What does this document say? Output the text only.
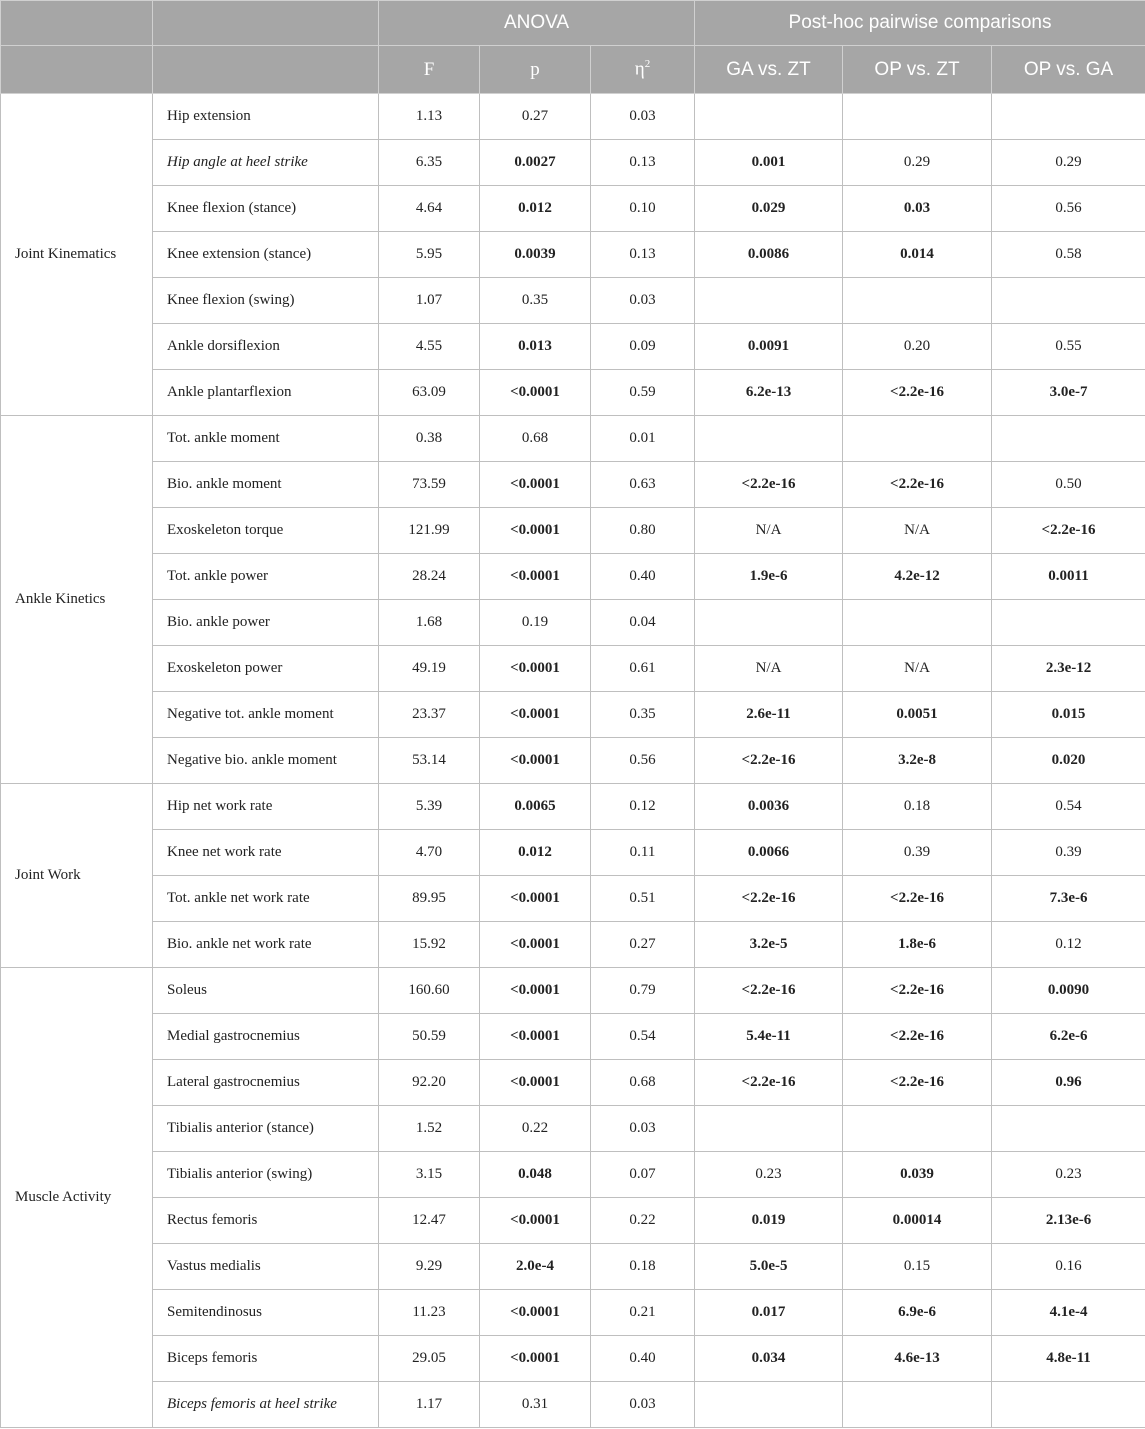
		ANOVA			Post-hoc pairwise comparisons		
		F	p	$\eta^2$	GA vs. ZT	OP vs. ZT	OP vs. GA
Joint Kinematics	Hip extension	1.13	0.27	0.03			
	Hip angle at heel strike	6.35	0.0027	0.13	0.001	0.29	0.29
	Knee flexion (stance)	4.64	0.012	0.10	0.029	0.03	0.56
	Knee extension (stance)	5.95	0.0039	0.13	0.0086	0.014	0.58
	Knee flexion (swing)	1.07	0.35	0.03			
	Ankle dorsiflexion	4.55	0.013	0.09	0.0091	0.20	0.55
	Ankle plantarflexion	63.09	<0.0001	0.59	6.2e-13	<2.2e-16	3.0e-7
Ankle Kinetics	Tot. ankle moment	0.38	0.68	0.01			
	Bio. ankle moment	73.59	<0.0001	0.63	<2.2e-16	<2.2e-16	0.50
	Exoskeleton torque	121.99	<0.0001	0.80	N/A	N/A	<2.2e-16
	Tot. ankle power	28.24	<0.0001	0.40	1.9e-6	4.2e-12	0.0011
	Bio. ankle power	1.68	0.19	0.04			
	Exoskeleton power	49.19	<0.0001	0.61	N/A	N/A	2.3e-12
	Negative tot. ankle moment	23.37	<0.0001	0.35	2.6e-11	0.0051	0.015
	Negative bio. ankle moment	53.14	<0.0001	0.56	<2.2e-16	3.2e-8	0.020
Joint Work	Hip net work rate	5.39	0.0065	0.12	0.0036	0.18	0.54
	Knee net work rate	4.70	0.012	0.11	0.0066	0.39	0.39
	Tot. ankle net work rate	89.95	<0.0001	0.51	<2.2e-16	<2.2e-16	7.3e-6
	Bio. ankle net work rate	15.92	<0.0001	0.27	3.2e-5	1.8e-6	0.12
Muscle Activity	Soleus	160.60	<0.0001	0.79	<2.2e-16	<2.2e-16	0.0090
	Medial gastrocnemius	50.59	<0.0001	0.54	5.4e-11	<2.2e-16	6.2e-6
	Lateral gastrocnemius	92.20	<0.0001	0.68	<2.2e-16	<2.2e-16	0.96
	Tibialis anterior (stance)	1.52	0.22	0.03			
	Tibialis anterior (swing)	3.15	0.048	0.07	0.23	0.039	0.23
	Rectus femoris	12.47	<0.0001	0.22	0.019	0.00014	2.13e-6
	Vastus medialis	9.29	2.0e-4	0.18	5.0e-5	0.15	0.16
	Semitendinosus	11.23	<0.0001	0.21	0.017	6.9e-6	4.1e-4
	Biceps femoris	29.05	<0.0001	0.40	0.034	4.6e-13	4.8e-11
	Biceps femoris at heel strike	1.17	0.31	0.03			
